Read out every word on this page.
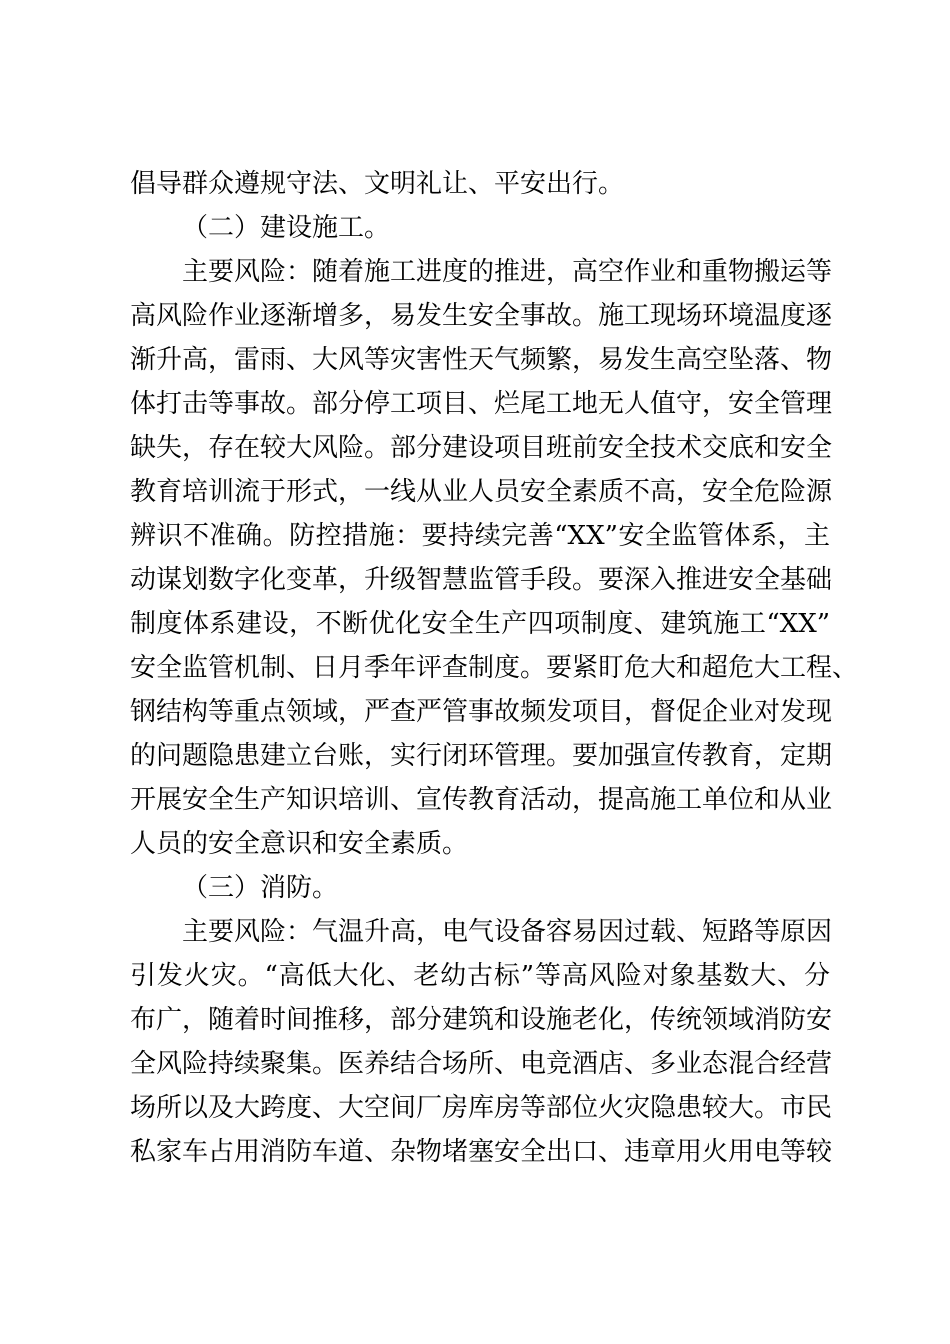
倡导群众遵规守法、文明礼让、平安出行。
（二）建设施工。
主要风险：随着施工进度的推进，高空作业和重物搬运等
高风险作业逐渐增多，易发生安全事故。施工现场环境温度逐
渐升高，雷雨、大风等灾害性天气频繁，易发生高空坠落、物
体打击等事故。部分停工项目、烂尾工地无人值守，安全管理
缺失，存在较大风险。部分建设项目班前安全技术交底和安全
教育培训流于形式，一线从业人员安全素质不高，安全危险源
辨识不准确。防控措施：要持续完善“XX”安全监管体系，主
动谋划数字化变革，升级智慧监管手段。要深入推进安全基础
制度体系建设，不断优化安全生产四项制度、建筑施工“XX”
安全监管机制、日月季年评查制度。要紧盯危大和超危大工程、
钢结构等重点领域，严查严管事故频发项目，督促企业对发现
的问题隐患建立台账，实行闭环管理。要加强宣传教育，定期
开展安全生产知识培训、宣传教育活动，提高施工单位和从业
人员的安全意识和安全素质。
（三）消防。
主要风险：气温升高，电气设备容易因过载、短路等原因
引发火灾。“高低大化、老幼古标”等高风险对象基数大、分
布广，随着时间推移，部分建筑和设施老化，传统领域消防安
全风险持续聚集。医养结合场所、电竞酒店、多业态混合经营
场所以及大跨度、大空间厂房库房等部位火灾隐患较大。市民
私家车占用消防车道、杂物堵塞安全出口、违章用火用电等较
